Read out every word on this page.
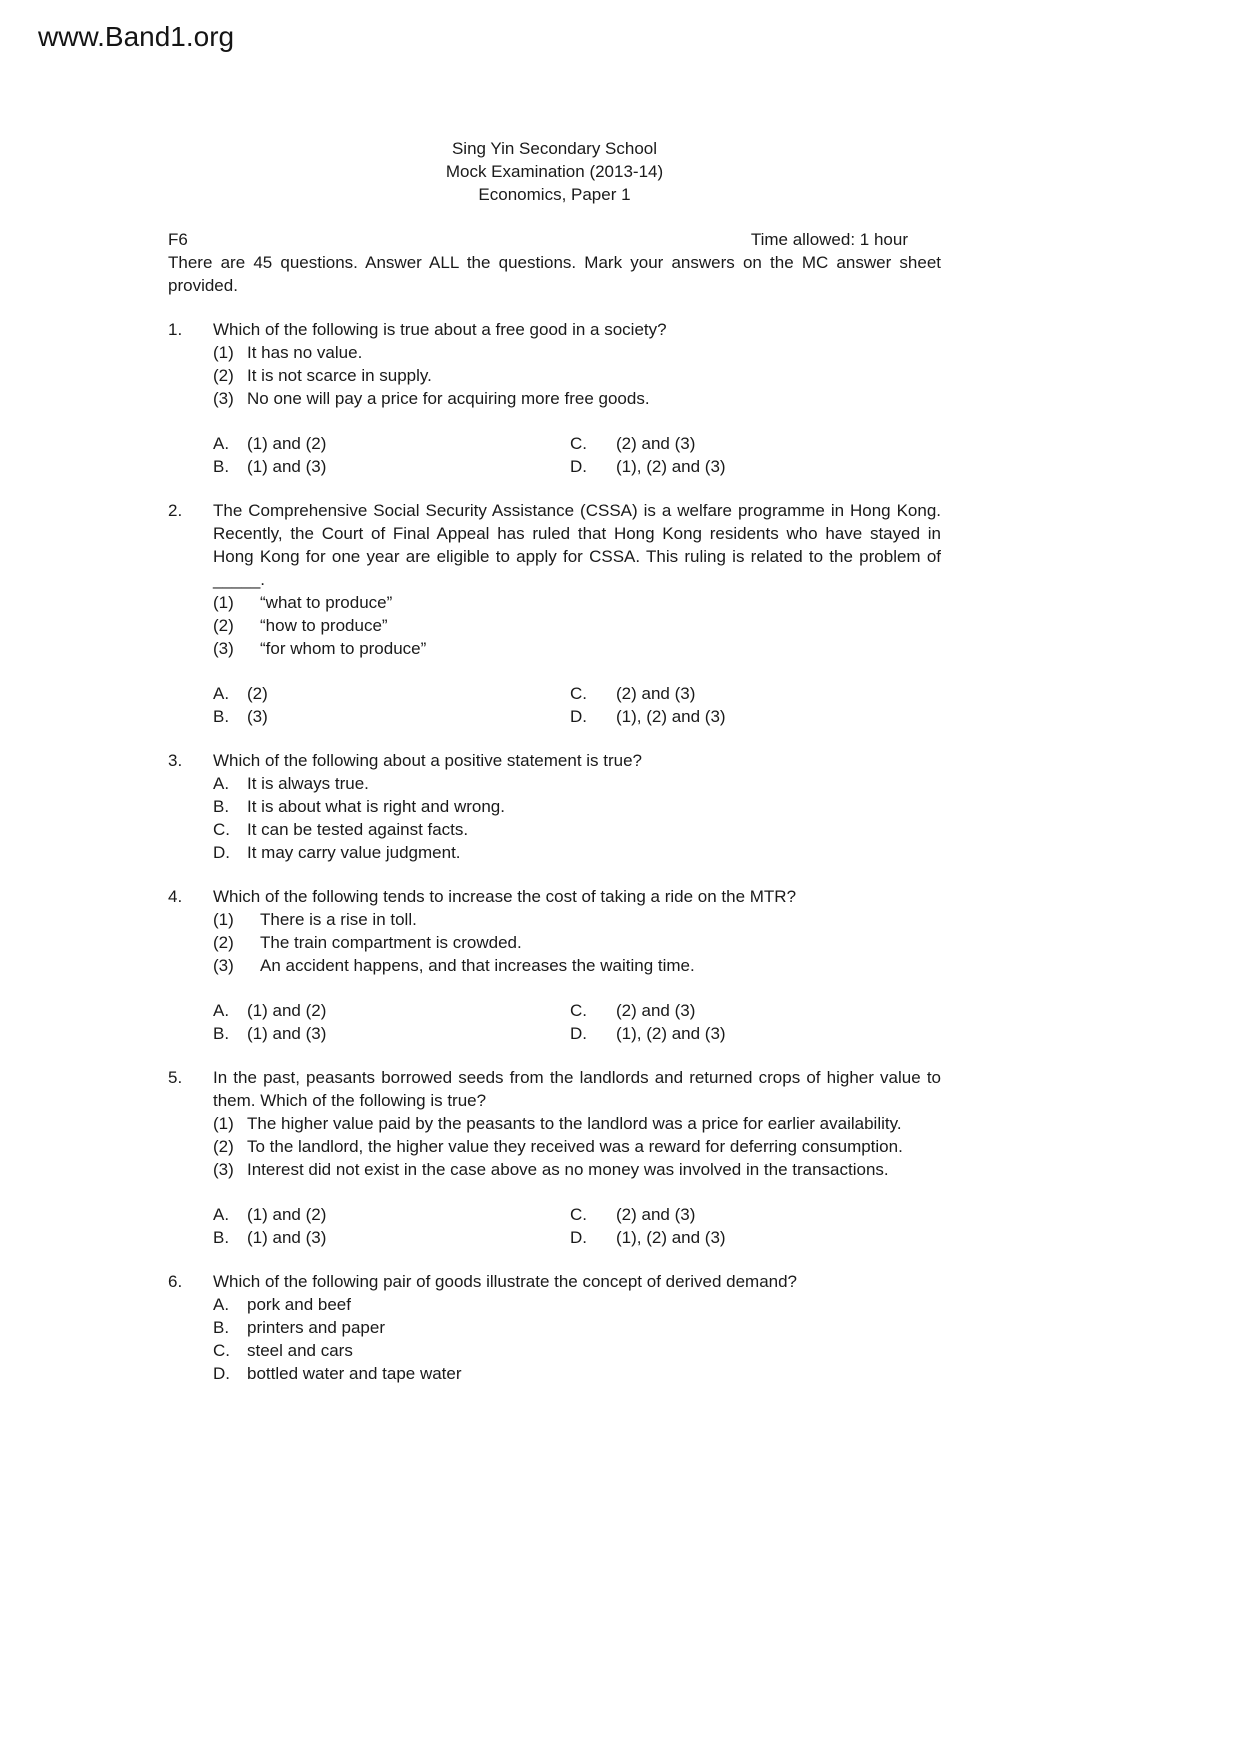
www.Band1.org
Sing Yin Secondary School
Mock Examination (2013-14)
Economics, Paper 1
F6	Time allowed: 1 hour
There are 45 questions. Answer ALL the questions. Mark your answers on the MC answer sheet provided.
1.	Which of the following is true about a free good in a society?
(1) It has no value.
(2) It is not scarce in supply.
(3) No one will pay a price for acquiring more free goods.
A.	(1) and (2)
B.	(1) and (3)
C.	(2) and (3)
D.	(1), (2) and (3)
2.	The Comprehensive Social Security Assistance (CSSA) is a welfare programme in Hong Kong. Recently, the Court of Final Appeal has ruled that Hong Kong residents who have stayed in Hong Kong for one year are eligible to apply for CSSA. This ruling is related to the problem of _____.
(1)	“what to produce”
(2)	“how to produce”
(3)	“for whom to produce”
A.	(2)
B.	(3)
C.	(2) and (3)
D.	(1), (2) and (3)
3.	Which of the following about a positive statement is true?
A.	It is always true.
B.	It is about what is right and wrong.
C.	It can be tested against facts.
D.	It may carry value judgment.
4.	Which of the following tends to increase the cost of taking a ride on the MTR?
(1)	There is a rise in toll.
(2)	The train compartment is crowded.
(3)	An accident happens, and that increases the waiting time.
A.	(1) and (2)
B.	(1) and (3)
C.	(2) and (3)
D.	(1), (2) and (3)
5.	In the past, peasants borrowed seeds from the landlords and returned crops of higher value to them. Which of the following is true?
(1) The higher value paid by the peasants to the landlord was a price for earlier availability.
(2) To the landlord, the higher value they received was a reward for deferring consumption.
(3) Interest did not exist in the case above as no money was involved in the transactions.
A.	(1) and (2)
B.	(1) and (3)
C.	(2) and (3)
D.	(1), (2) and (3)
6.	Which of the following pair of goods illustrate the concept of derived demand?
A.	pork and beef
B.	printers and paper
C.	steel and cars
D.	bottled water and tape water
